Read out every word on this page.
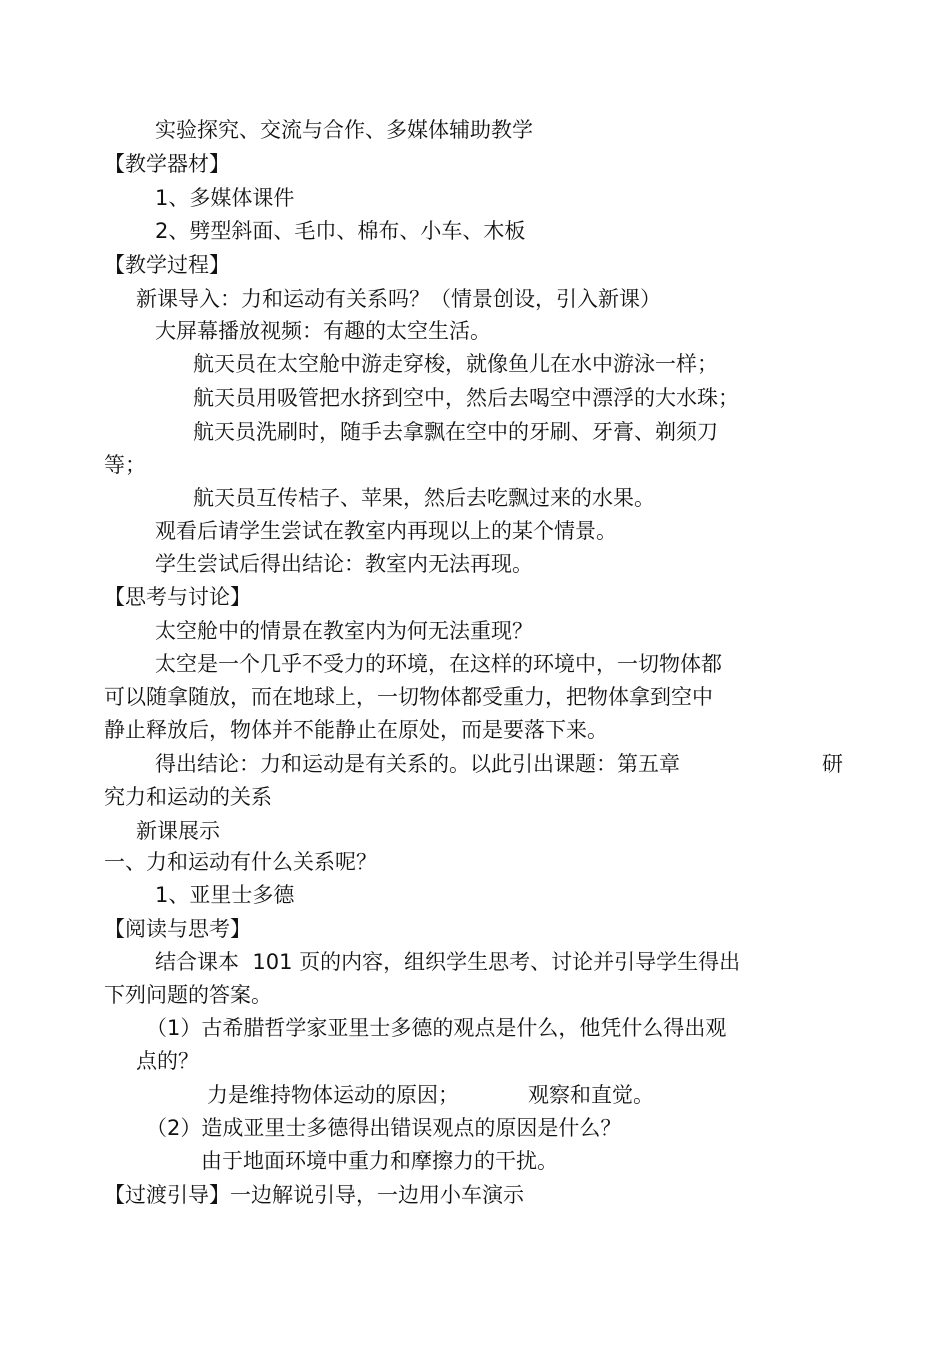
实验探究、交流与合作、多媒体辅助教学
【教学器材】
1、多媒体课件
2、劈型斜面、毛巾、棉布、小车、木板
【教学过程】
新课导入：力和运动有关系吗？（情景创设，引入新课）
大屏幕播放视频：有趣的太空生活。
航天员在太空舱中游走穿梭，就像鱼儿在水中游泳一样；
航天员用吸管把水挤到空中，然后去喝空中漂浮的大水珠；
航天员洗刷时，随手去拿飘在空中的牙刷、牙膏、剃须刀
等；
航天员互传桔子、苹果，然后去吃飘过来的水果。
观看后请学生尝试在教室内再现以上的某个情景。
学生尝试后得出结论：教室内无法再现。
【思考与讨论】
太空舱中的情景在教室内为何无法重现？
太空是一个几乎不受力的环境，在这样的环境中，一切物体都
可以随拿随放，而在地球上，一切物体都受重力，把物体拿到空中
静止释放后，物体并不能静止在原处，而是要落下来。
得出结论：力和运动是有关系的。以此引出课题：第五章	研
究力和运动的关系
新课展示
一、力和运动有什么关系呢？
1、亚里士多德
【阅读与思考】
结合课本  101 页的内容，组织学生思考、讨论并引导学生得出
下列问题的答案。
（1）古希腊哲学家亚里士多德的观点是什么，他凭什么得出观
点的？
力是维持物体运动的原因；	观察和直觉。
（2）造成亚里士多德得出错误观点的原因是什么？
由于地面环境中重力和摩擦力的干扰。
【过渡引导】一边解说引导，一边用小车演示
